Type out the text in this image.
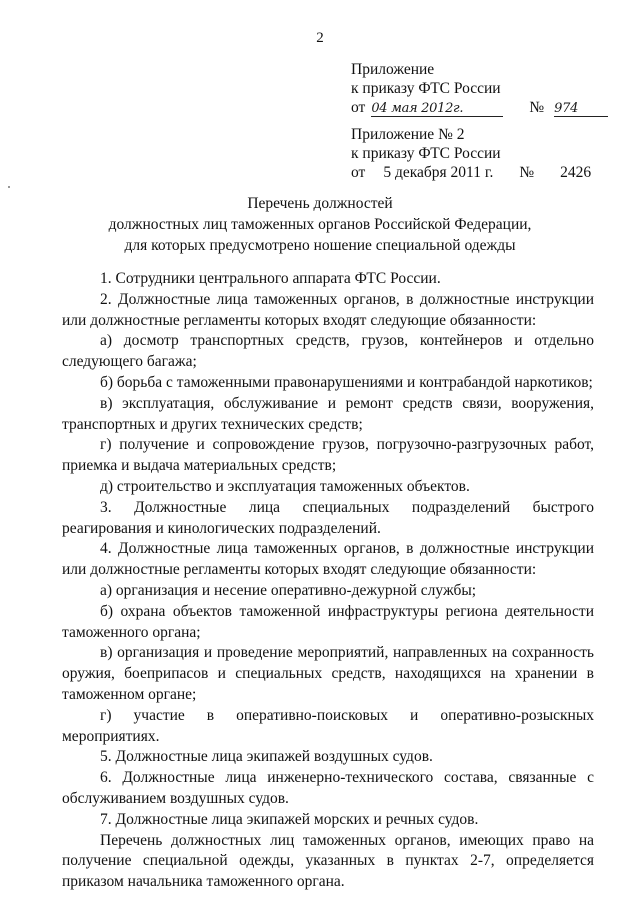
2
Приложение
к приказу ФТС России
от 04 мая 2012г.	№ 974
Приложение № 2
к приказу ФТС России
от 5 декабря 2011 г. № 2426
Перечень должностей
должностных лиц таможенных органов Российской Федерации,
для которых предусмотрено ношение специальной одежды

1. Сотрудники центрального аппарата ФТС России.

2. Должностные лица таможенных органов, в должностные инструкции или должностные регламенты которых входят следующие обязанности:

а) досмотр транспортных средств, грузов, контейнеров и отдельно следующего багажа;

б) борьба с таможенными правонарушениями и контрабандой наркотиков;

в) эксплуатация, обслуживание и ремонт средств связи, вооружения, транспортных и других технических средств;

г) получение и сопровождение грузов, погрузочно-разгрузочных работ, приемка и выдача материальных средств;

д) строительство и эксплуатация таможенных объектов.

3. Должностные лица специальных подразделений быстрого реагирования и кинологических подразделений.

4. Должностные лица таможенных органов, в должностные инструкции или должностные регламенты которых входят следующие обязанности:

а) организация и несение оперативно-дежурной службы;

б) охрана объектов таможенной инфраструктуры региона деятельности таможенного органа;

в) организация и проведение мероприятий, направленных на сохранность оружия, боеприпасов и специальных средств, находящихся на хранении в таможенном органе;

г) участие в оперативно-поисковых и оперативно-розыскных мероприятиях.

5. Должностные лица экипажей воздушных судов.

6. Должностные лица инженерно-технического состава, связанные с обслуживанием воздушных судов.

7. Должностные лица экипажей морских и речных судов.

Перечень должностных лиц таможенных органов, имеющих право на получение специальной одежды, указанных в пунктах 2-7, определяется приказом начальника таможенного органа.
